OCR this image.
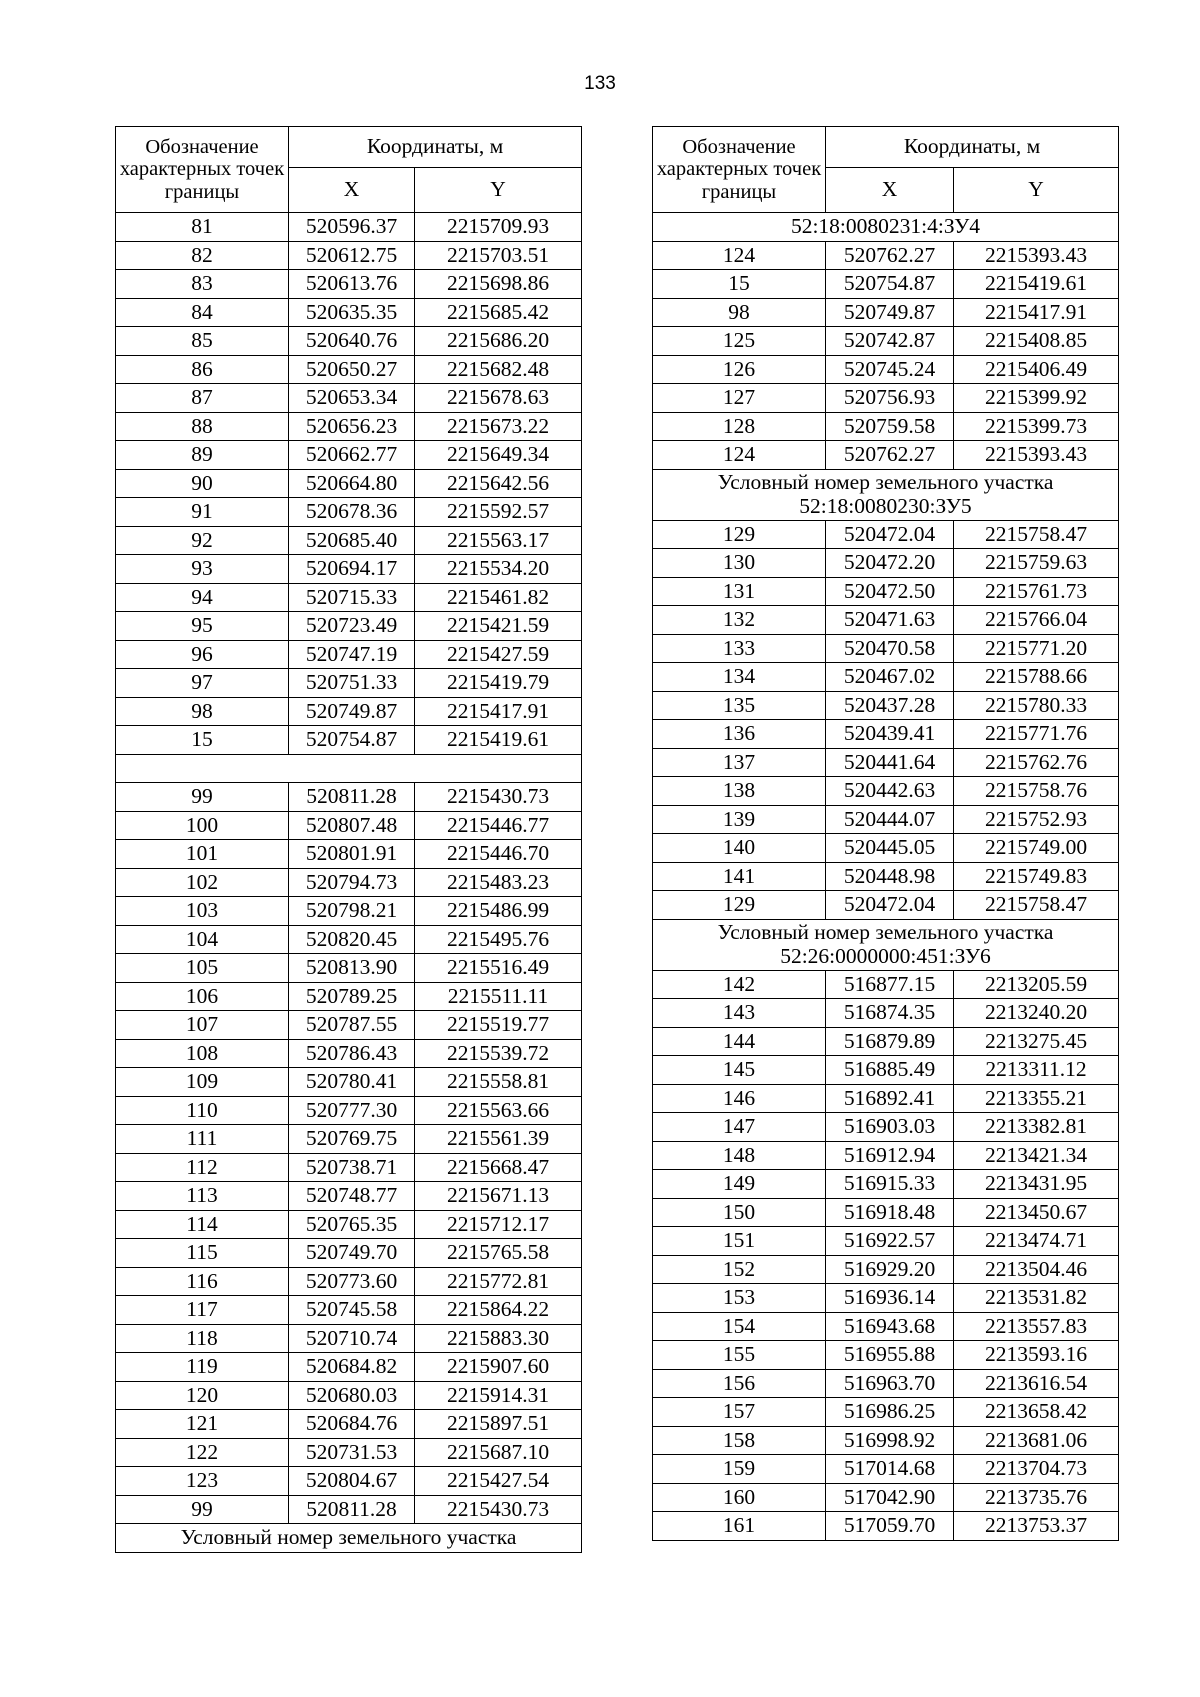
133
Обозначение характерных точек границы	Координаты, м	
	X	Y
81	520596.37	2215709.93
82	520612.75	2215703.51
83	520613.76	2215698.86
84	520635.35	2215685.42
85	520640.76	2215686.20
86	520650.27	2215682.48
87	520653.34	2215678.63
88	520656.23	2215673.22
89	520662.77	2215649.34
90	520664.80	2215642.56
91	520678.36	2215592.57
92	520685.40	2215563.17
93	520694.17	2215534.20
94	520715.33	2215461.82
95	520723.49	2215421.59
96	520747.19	2215427.59
97	520751.33	2215419.79
98	520749.87	2215417.91
15	520754.87	2215419.61

99	520811.28	2215430.73
100	520807.48	2215446.77
101	520801.91	2215446.70
102	520794.73	2215483.23
103	520798.21	2215486.99
104	520820.45	2215495.76
105	520813.90	2215516.49
106	520789.25	2215511.11
107	520787.55	2215519.77
108	520786.43	2215539.72
109	520780.41	2215558.81
110	520777.30	2215563.66
111	520769.75	2215561.39
112	520738.71	2215668.47
113	520748.77	2215671.13
114	520765.35	2215712.17
115	520749.70	2215765.58
116	520773.60	2215772.81
117	520745.58	2215864.22
118	520710.74	2215883.30
119	520684.82	2215907.60
120	520680.03	2215914.31
121	520684.76	2215897.51
122	520731.53	2215687.10
123	520804.67	2215427.54
99	520811.28	2215430.73
Условный номер земельного участка		
Обозначение характерных точек границы	Координаты, м	
	X	Y
52:18:0080231:4:ЗУ4		
124	520762.27	2215393.43
15	520754.87	2215419.61
98	520749.87	2215417.91
125	520742.87	2215408.85
126	520745.24	2215406.49
127	520756.93	2215399.92
128	520759.58	2215399.73
124	520762.27	2215393.43
Условный номер земельного участка 52:18:0080230:ЗУ5		
129	520472.04	2215758.47
130	520472.20	2215759.63
131	520472.50	2215761.73
132	520471.63	2215766.04
133	520470.58	2215771.20
134	520467.02	2215788.66
135	520437.28	2215780.33
136	520439.41	2215771.76
137	520441.64	2215762.76
138	520442.63	2215758.76
139	520444.07	2215752.93
140	520445.05	2215749.00
141	520448.98	2215749.83
129	520472.04	2215758.47
Условный номер земельного участка 52:26:0000000:451:ЗУ6		
142	516877.15	2213205.59
143	516874.35	2213240.20
144	516879.89	2213275.45
145	516885.49	2213311.12
146	516892.41	2213355.21
147	516903.03	2213382.81
148	516912.94	2213421.34
149	516915.33	2213431.95
150	516918.48	2213450.67
151	516922.57	2213474.71
152	516929.20	2213504.46
153	516936.14	2213531.82
154	516943.68	2213557.83
155	516955.88	2213593.16
156	516963.70	2213616.54
157	516986.25	2213658.42
158	516998.92	2213681.06
159	517014.68	2213704.73
160	517042.90	2213735.76
161	517059.70	2213753.37
